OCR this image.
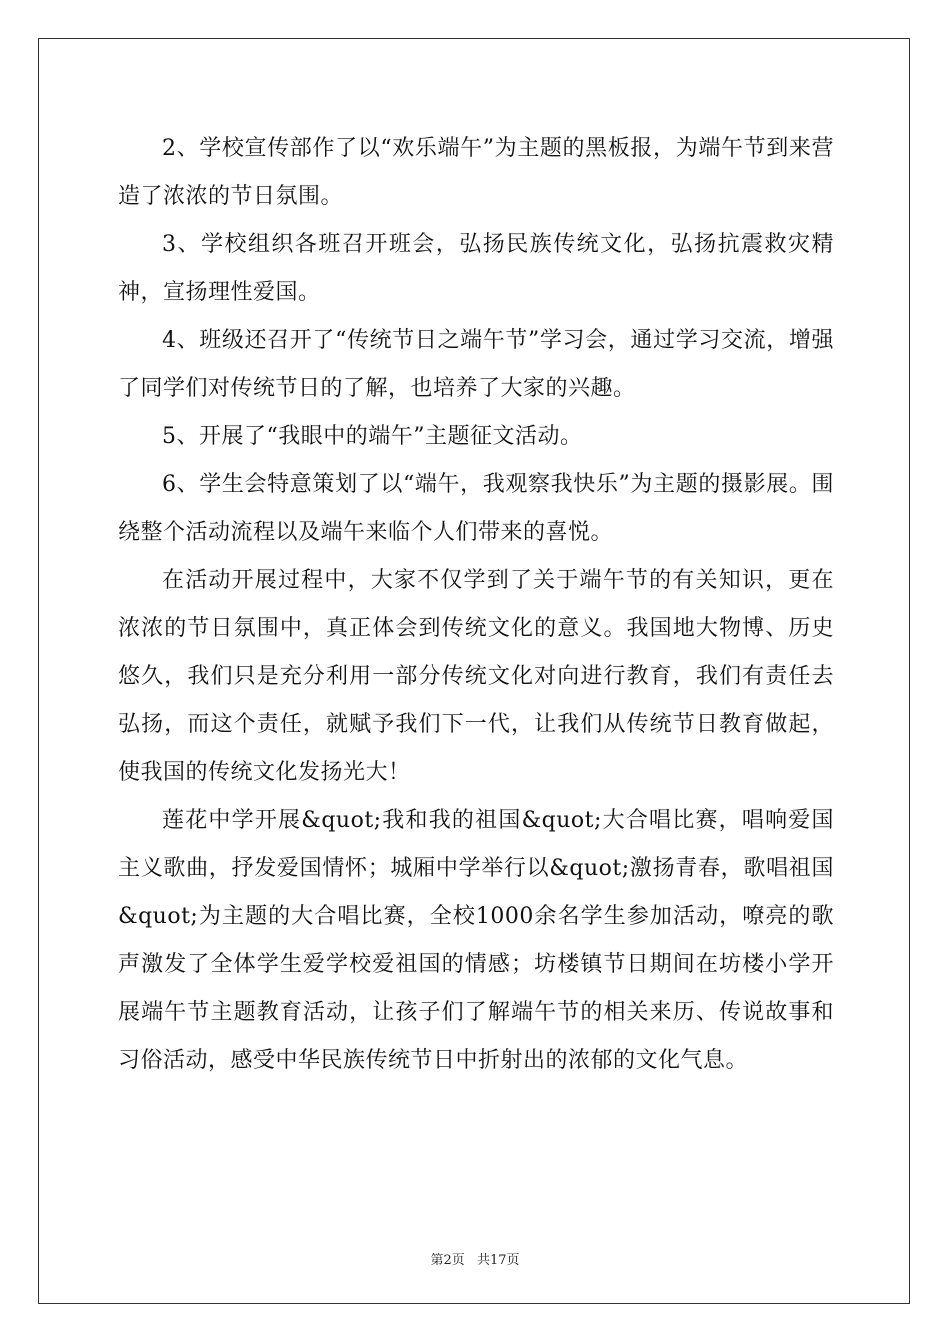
2、学校宣传部作了以“欢乐端午”为主题的黑板报，为端午节到来营造了浓浓的节日氛围。

3、学校组织各班召开班会，弘扬民族传统文化，弘扬抗震救灾精神，宣扬理性爱国。

4、班级还召开了“传统节日之端午节”学习会，通过学习交流，增强了同学们对传统节日的了解，也培养了大家的兴趣。

5、开展了“我眼中的端午”主题征文活动。

6、学生会特意策划了以“端午，我观察我快乐”为主题的摄影展。围绕整个活动流程以及端午来临个人们带来的喜悦。

在活动开展过程中，大家不仅学到了关于端午节的有关知识，更在浓浓的节日氛围中，真正体会到传统文化的意义。我国地大物博、历史悠久，我们只是充分利用一部分传统文化对向进行教育，我们有责任去弘扬，而这个责任，就赋予我们下一代，让我们从传统节日教育做起，使我国的传统文化发扬光大！

莲花中学开展&quot;我和我的祖国&quot;大合唱比赛，唱响爱国主义歌曲，抒发爱国情怀；城厢中学举行以&quot;激扬青春，歌唱祖国&quot;为主题的大合唱比赛，全校1000余名学生参加活动，嘹亮的歌声激发了全体学生爱学校爱祖国的情感；坊楼镇节日期间在坊楼小学开展端午节主题教育活动，让孩子们了解端午节的相关来历、传说故事和习俗活动，感受中华民族传统节日中折射出的浓郁的文化气息。

第2页 共17页
